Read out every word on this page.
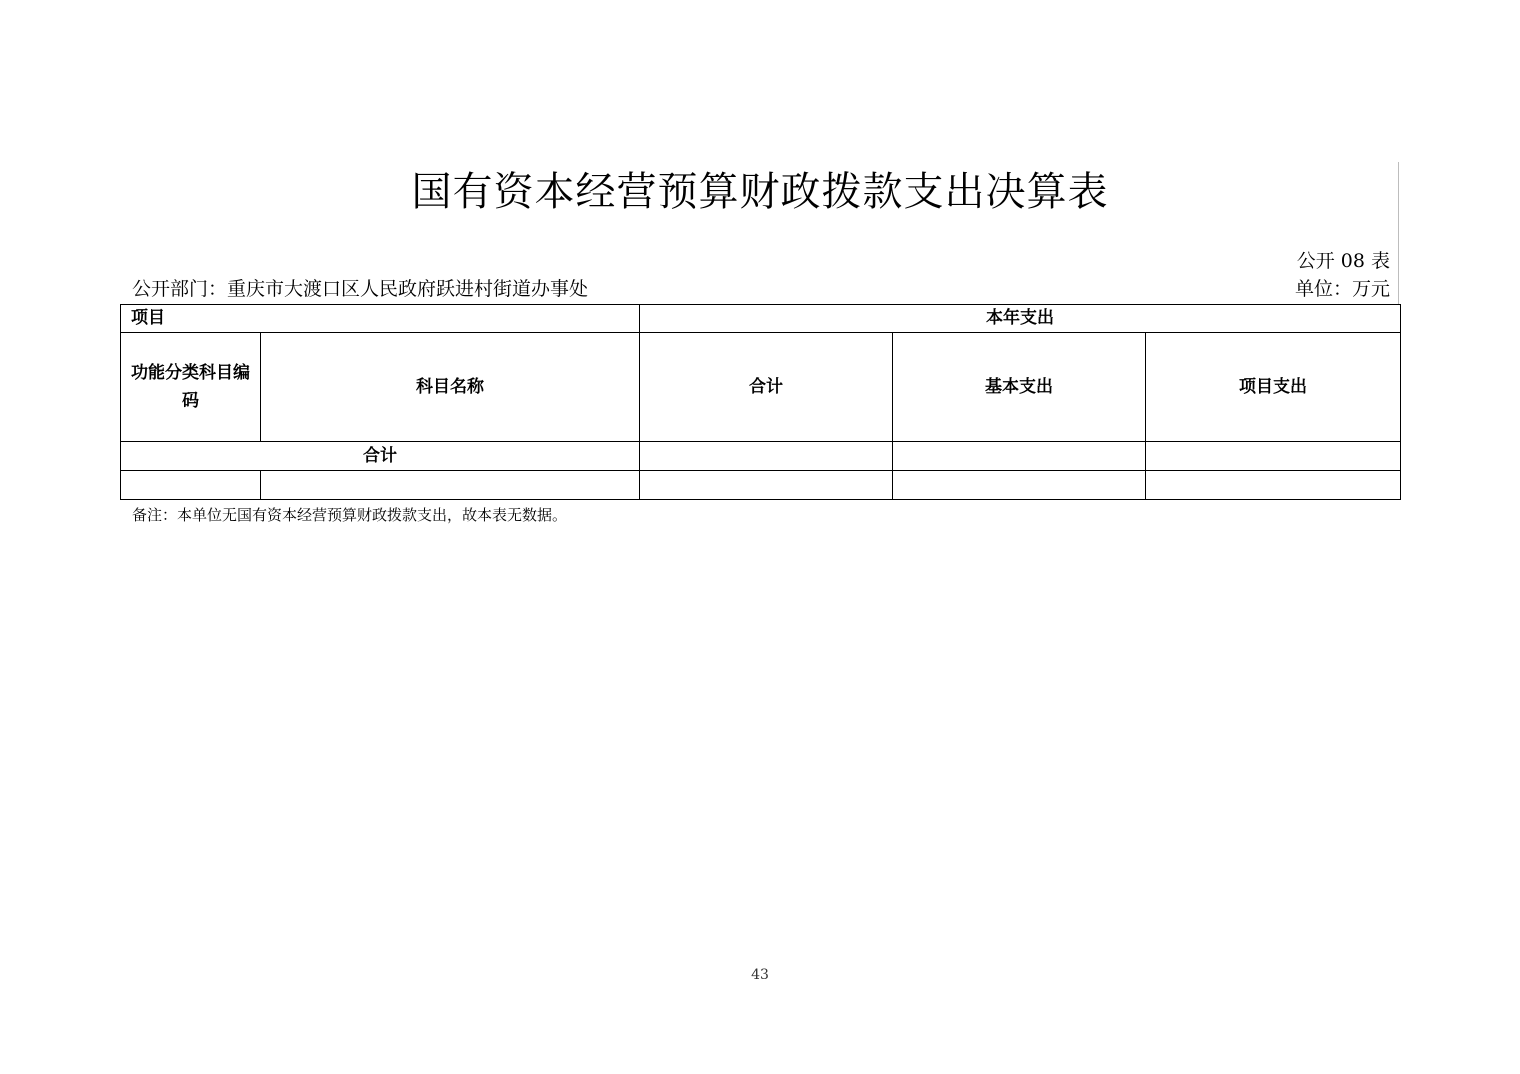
国有资本经营预算财政拨款支出决算表
公开 08 表
公开部门：重庆市大渡口区人民政府跃进村街道办事处	单位：万元
项目		本年支出		
功能分类科目编码	科目名称	合计	基本支出	项目支出
合计				

备注：本单位无国有资本经营预算财政拨款支出，故本表无数据。
43
